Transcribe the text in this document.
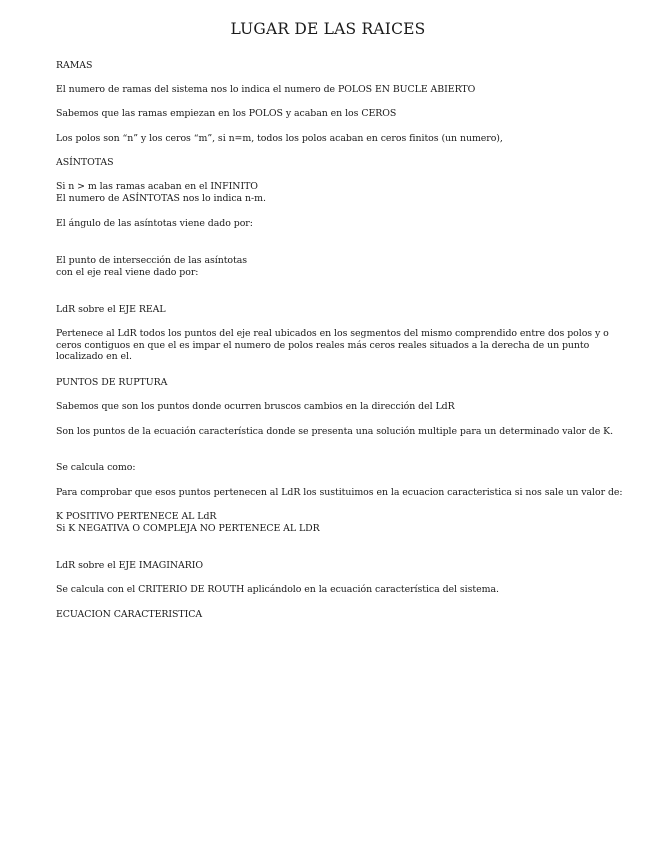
LUGAR DE LAS RAICES
RAMAS
El numero de ramas del sistema nos lo indica el numero de POLOS EN BUCLE ABIERTO
Sabemos que las ramas empiezan en los POLOS y acaban en los CEROS
Los polos son “n” y los ceros “m”, si n=m, todos los polos acaban en ceros finitos (un numero),
ASÍNTOTAS
Si n > m las ramas acaban en el INFINITO
El numero de ASÍNTOTAS nos lo indica n-m.
El ángulo de las asíntotas viene dado por:
El punto de intersección de las asíntotas
con el eje real viene dado por:
LdR sobre el EJE REAL
Pertenece al LdR todos los puntos del eje real ubicados en los segmentos del mismo comprendido entre dos polos y o ceros contiguos en que el es impar el numero de polos reales más ceros reales situados a la derecha de un punto localizado en el.
PUNTOS DE RUPTURA
Sabemos que son los puntos donde ocurren bruscos cambios en la dirección del LdR
Son los puntos de la ecuación característica donde se presenta una solución multiple para un determinado valor de K.
Se calcula como:
Para comprobar que esos puntos pertenecen al LdR los sustituimos en la ecuacion caracteristica si nos sale un valor de:
K POSITIVO PERTENECE AL LdR
Si K NEGATIVA O COMPLEJA NO PERTENECE AL LDR
LdR sobre el EJE IMAGINARIO
Se calcula con el CRITERIO DE ROUTH aplicándolo en la ecuación característica del sistema.
ECUACION CARACTERISTICA
